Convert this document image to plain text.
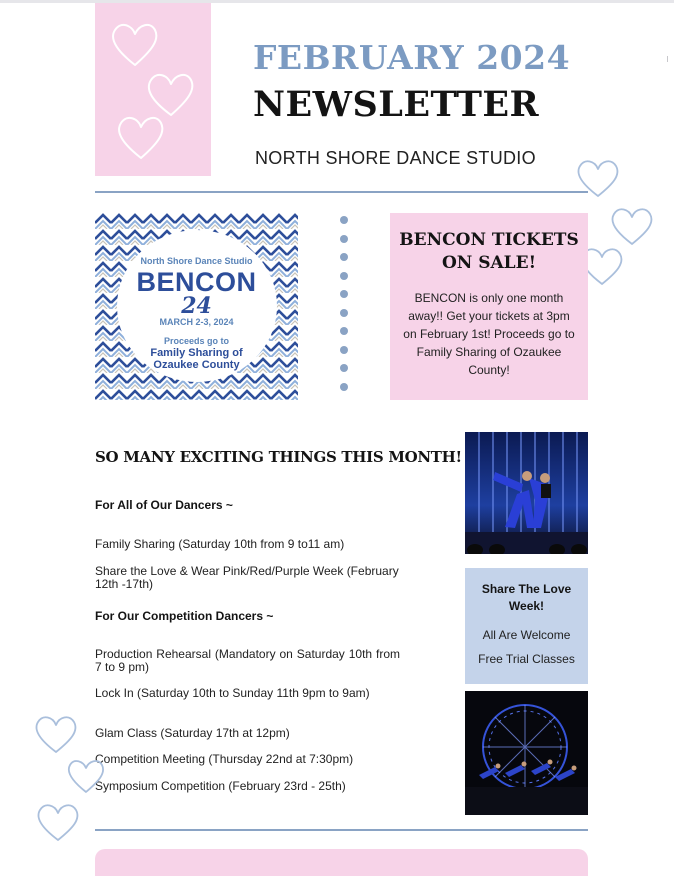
FEBRUARY 2024
NEWSLETTER
NORTH SHORE DANCE STUDIO
North Shore Dance Studio
BENCON
24
MARCH 2-3, 2024
Proceeds go to
Family Sharing of
Ozaukee County
BENCON TICKETS
ON SALE!
BENCON is only one month away!! Get your tickets at 3pm on February 1st! Proceeds go to Family Sharing of Ozaukee County!
SO MANY EXCITING THINGS THIS MONTH!
For All of Our Dancers ~
Family Sharing (Saturday 10th from 9 to11 am)
Share the Love & Wear Pink/Red/Purple Week (February 12th -17th)
For Our Competition Dancers ~
Production Rehearsal (Mandatory on Saturday 10th from 7 to 9 pm)
Lock In (Saturday 10th to Sunday 11th 9pm to 9am)
Glam Class (Saturday 17th at 12pm)
Competition Meeting (Thursday 22nd at 7:30pm)
Symposium Competition (February 23rd - 25th)
Share The Love Week!
All Are Welcome
Free Trial Classes
